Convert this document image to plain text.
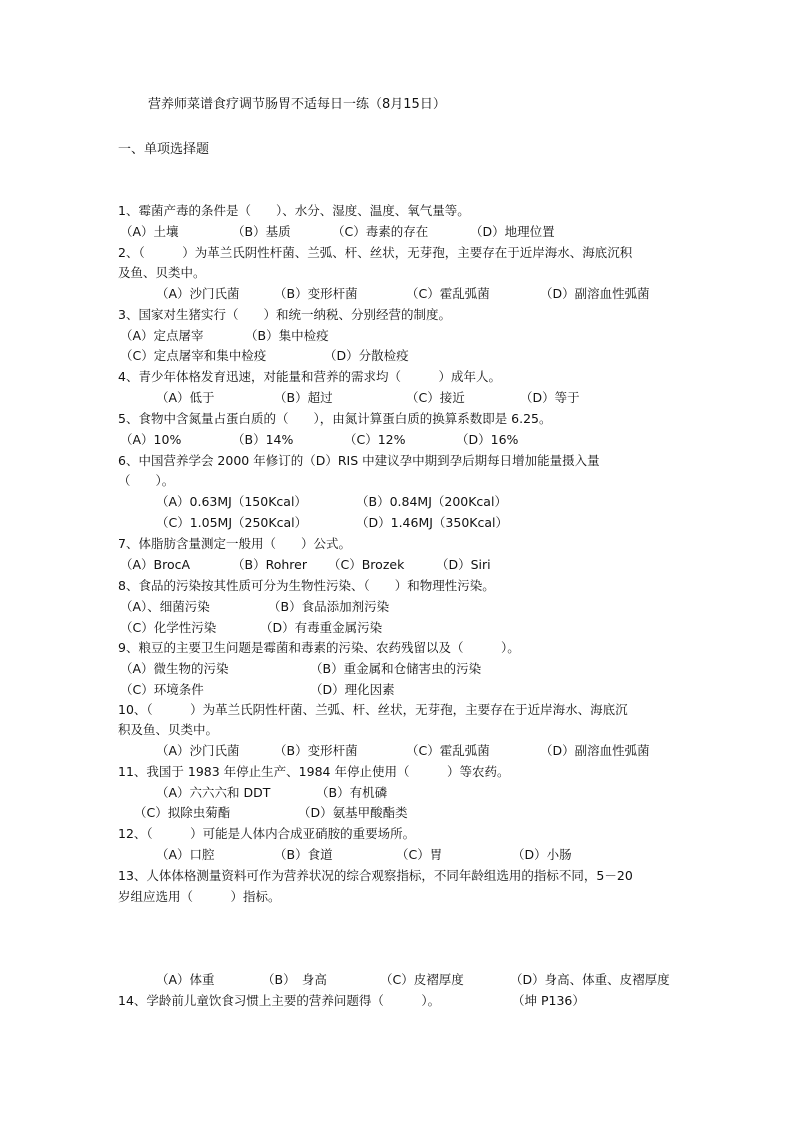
营养师菜谱食疗调节肠胃不适每日一练（8月15日）
一、单项选择题
1、霉菌产毒的条件是（　　）、水分、湿度、温度、氧气量等。
（A）土壤	（B）基质	（C）毒素的存在	（D）地理位置
2、（　　　）为革兰氏阴性杆菌、兰弧、杆、丝状，无芽孢，主要存在于近岸海水、海底沉积
及鱼、贝类中。
（A）沙门氏菌	（B）变形杆菌	（C）霍乱弧菌	（D）副溶血性弧菌
3、国家对生猪实行（　　）和统一纳税、分别经营的制度。
（A）定点屠宰	（B）集中检疫
（C）定点屠宰和集中检疫	（D）分散检疫
4、青少年体格发育迅速，对能量和营养的需求均（　　　）成年人。
（A）低于	（B）超过	（C）接近	（D）等于
5、食物中含氮量占蛋白质的（　　），由氮计算蛋白质的换算系数即是 6.25。
（A）10%	（B）14%	（C）12%	（D）16%
6、中国营养学会 2000 年修订的（D）RIS 中建议孕中期到孕后期每日增加能量摄入量
（　　）。
（A）0.63MJ（150Kcal）	（B）0.84MJ（200Kcal）
（C）1.05MJ（250Kcal）	（D）1.46MJ（350Kcal）
7、体脂肪含量测定一般用（　　）公式。
（A）BrocA	（B）Rohrer （C）Brozek	（D）Siri
8、食品的污染按其性质可分为生物性污染、（　　）和物理性污染。
（A）、细菌污染	（B）食品添加剂污染
（C）化学性污染	（D）有毒重金属污染
9、粮豆的主要卫生问题是霉菌和毒素的污染、农药残留以及（　　　）。
（A）微生物的污染	（B）重金属和仓储害虫的污染
（C）环境条件	（D）理化因素
10、（　　　）为革兰氏阴性杆菌、兰弧、杆、丝状，无芽孢，主要存在于近岸海水、海底沉
积及鱼、贝类中。
（A）沙门氏菌	（B）变形杆菌	（C）霍乱弧菌	（D）副溶血性弧菌
11、我国于 1983 年停止生产、1984 年停止使用（　　　）等农药。
（A）六六六和 DDT	（B）有机磷
（C）拟除虫菊酯	（D）氨基甲酸酯类
12、（　　　）可能是人体内合成亚硝胺的重要场所。
（A）口腔	（B）食道	（C）胃	（D）小肠
13、人体体格测量资料可作为营养状况的综合观察指标，不同年龄组选用的指标不同，5－20
岁组应选用（　　　）指标。
（A）体重	（B）　身高	（C）皮褶厚度	（D）身高、体重、皮褶厚度
14、学龄前儿童饮食习惯上主要的营养问题得（　　　）。	（坤 P136）
